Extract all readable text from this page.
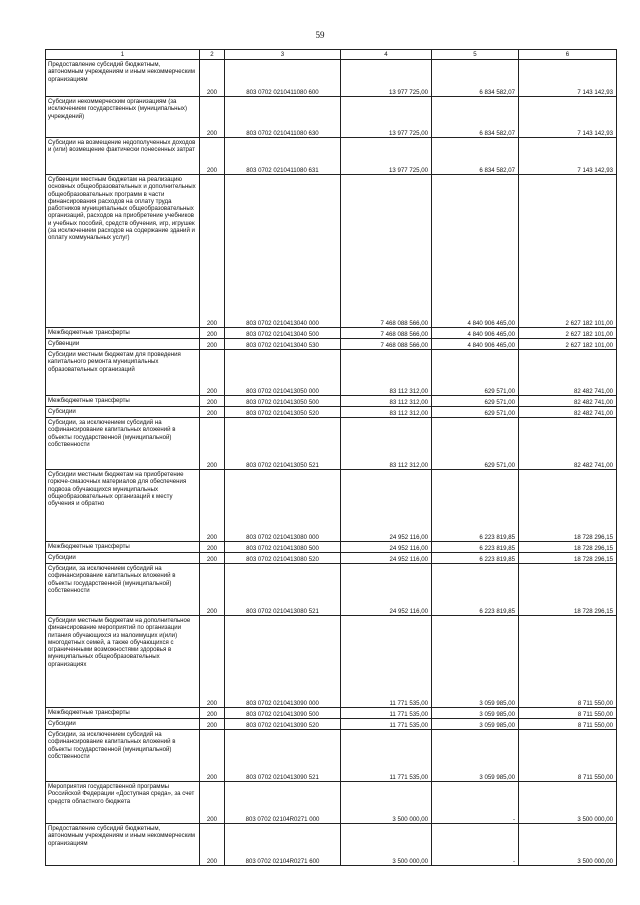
59
1	2	3	4	5	6
Предоставление субсидий бюджетным, автономным учреждениям и иным некоммерческим организациям	200	803 0702 0210411080 600	13 977 725,00	6 834 582,07	7 143 142,93
Субсидии некоммерческим организациям (за исключением государственных (муниципальных) учреждений)	200	803 0702 0210411080 630	13 977 725,00	6 834 582,07	7 143 142,93
Субсидии на возмещение недополученных доходов и (или) возмещение фактически понесенных затрат	200	803 0702 0210411080 631	13 977 725,00	6 834 582,07	7 143 142,93
Субвенции местным бюджетам на реализацию основных общеобразовательных и дополнительных общеобразовательных программ в части финансирования расходов на оплату труда работников муниципальных общеобразовательных организаций, расходов на приобретение учебников и учебных пособий, средств обучения, игр, игрушек (за исключением расходов на содержание зданий и оплату коммунальных услуг)	200	803 0702 0210413040 000	7 468 088 566,00	4 840 906 465,00	2 627 182 101,00
Межбюджетные трансферты	200	803 0702 0210413040 500	7 468 088 566,00	4 840 906 465,00	2 627 182 101,00
Субвенции	200	803 0702 0210413040 530	7 468 088 566,00	4 840 906 465,00	2 627 182 101,00
Субсидии местным бюджетам для проведения капитального ремонта муниципальных образовательных организаций	200	803 0702 0210413050 000	83 112 312,00	629 571,00	82 482 741,00
Межбюджетные трансферты	200	803 0702 0210413050 500	83 112 312,00	629 571,00	82 482 741,00
Субсидии	200	803 0702 0210413050 520	83 112 312,00	629 571,00	82 482 741,00
Субсидии, за исключением субсидий на софинансирование капитальных вложений в объекты государственной (муниципальной) собственности	200	803 0702 0210413050 521	83 112 312,00	629 571,00	82 482 741,00
Субсидии местным бюджетам на приобретение горюче-смазочных материалов для обеспечения подвоза обучающихся муниципальных общеобразовательных организаций к месту обучения и обратно	200	803 0702 0210413080 000	24 952 116,00	6 223 819,85	18 728 296,15
Межбюджетные трансферты	200	803 0702 0210413080 500	24 952 116,00	6 223 819,85	18 728 296,15
Субсидии	200	803 0702 0210413080 520	24 952 116,00	6 223 819,85	18 728 296,15
Субсидии, за исключением субсидий на софинансирование капитальных вложений в объекты государственной (муниципальной) собственности	200	803 0702 0210413080 521	24 952 116,00	6 223 819,85	18 728 296,15
Субсидии местным бюджетам на дополнительное финансирование мероприятий по организации питания обучающихся из малоимущих и(или) многодетных семей, а также обучающихся с ограниченными возможностями здоровья в муниципальных общеобразовательных организациях	200	803 0702 0210413090 000	11 771 535,00	3 059 985,00	8 711 550,00
Межбюджетные трансферты	200	803 0702 0210413090 500	11 771 535,00	3 059 985,00	8 711 550,00
Субсидии	200	803 0702 0210413090 520	11 771 535,00	3 059 985,00	8 711 550,00
Субсидии, за исключением субсидий на софинансирование капитальных вложений в объекты государственной (муниципальной) собственности	200	803 0702 0210413090 521	11 771 535,00	3 059 985,00	8 711 550,00
Мероприятия государственной программы Российской Федерации «Доступная среда», за счет средств областного бюджета	200	803 0702 02104R0271 000	3 500 000,00	-	3 500 000,00
Предоставление субсидий бюджетным, автономным учреждениям и иным некоммерческим организациям	200	803 0702 02104R0271 600	3 500 000,00	-	3 500 000,00
